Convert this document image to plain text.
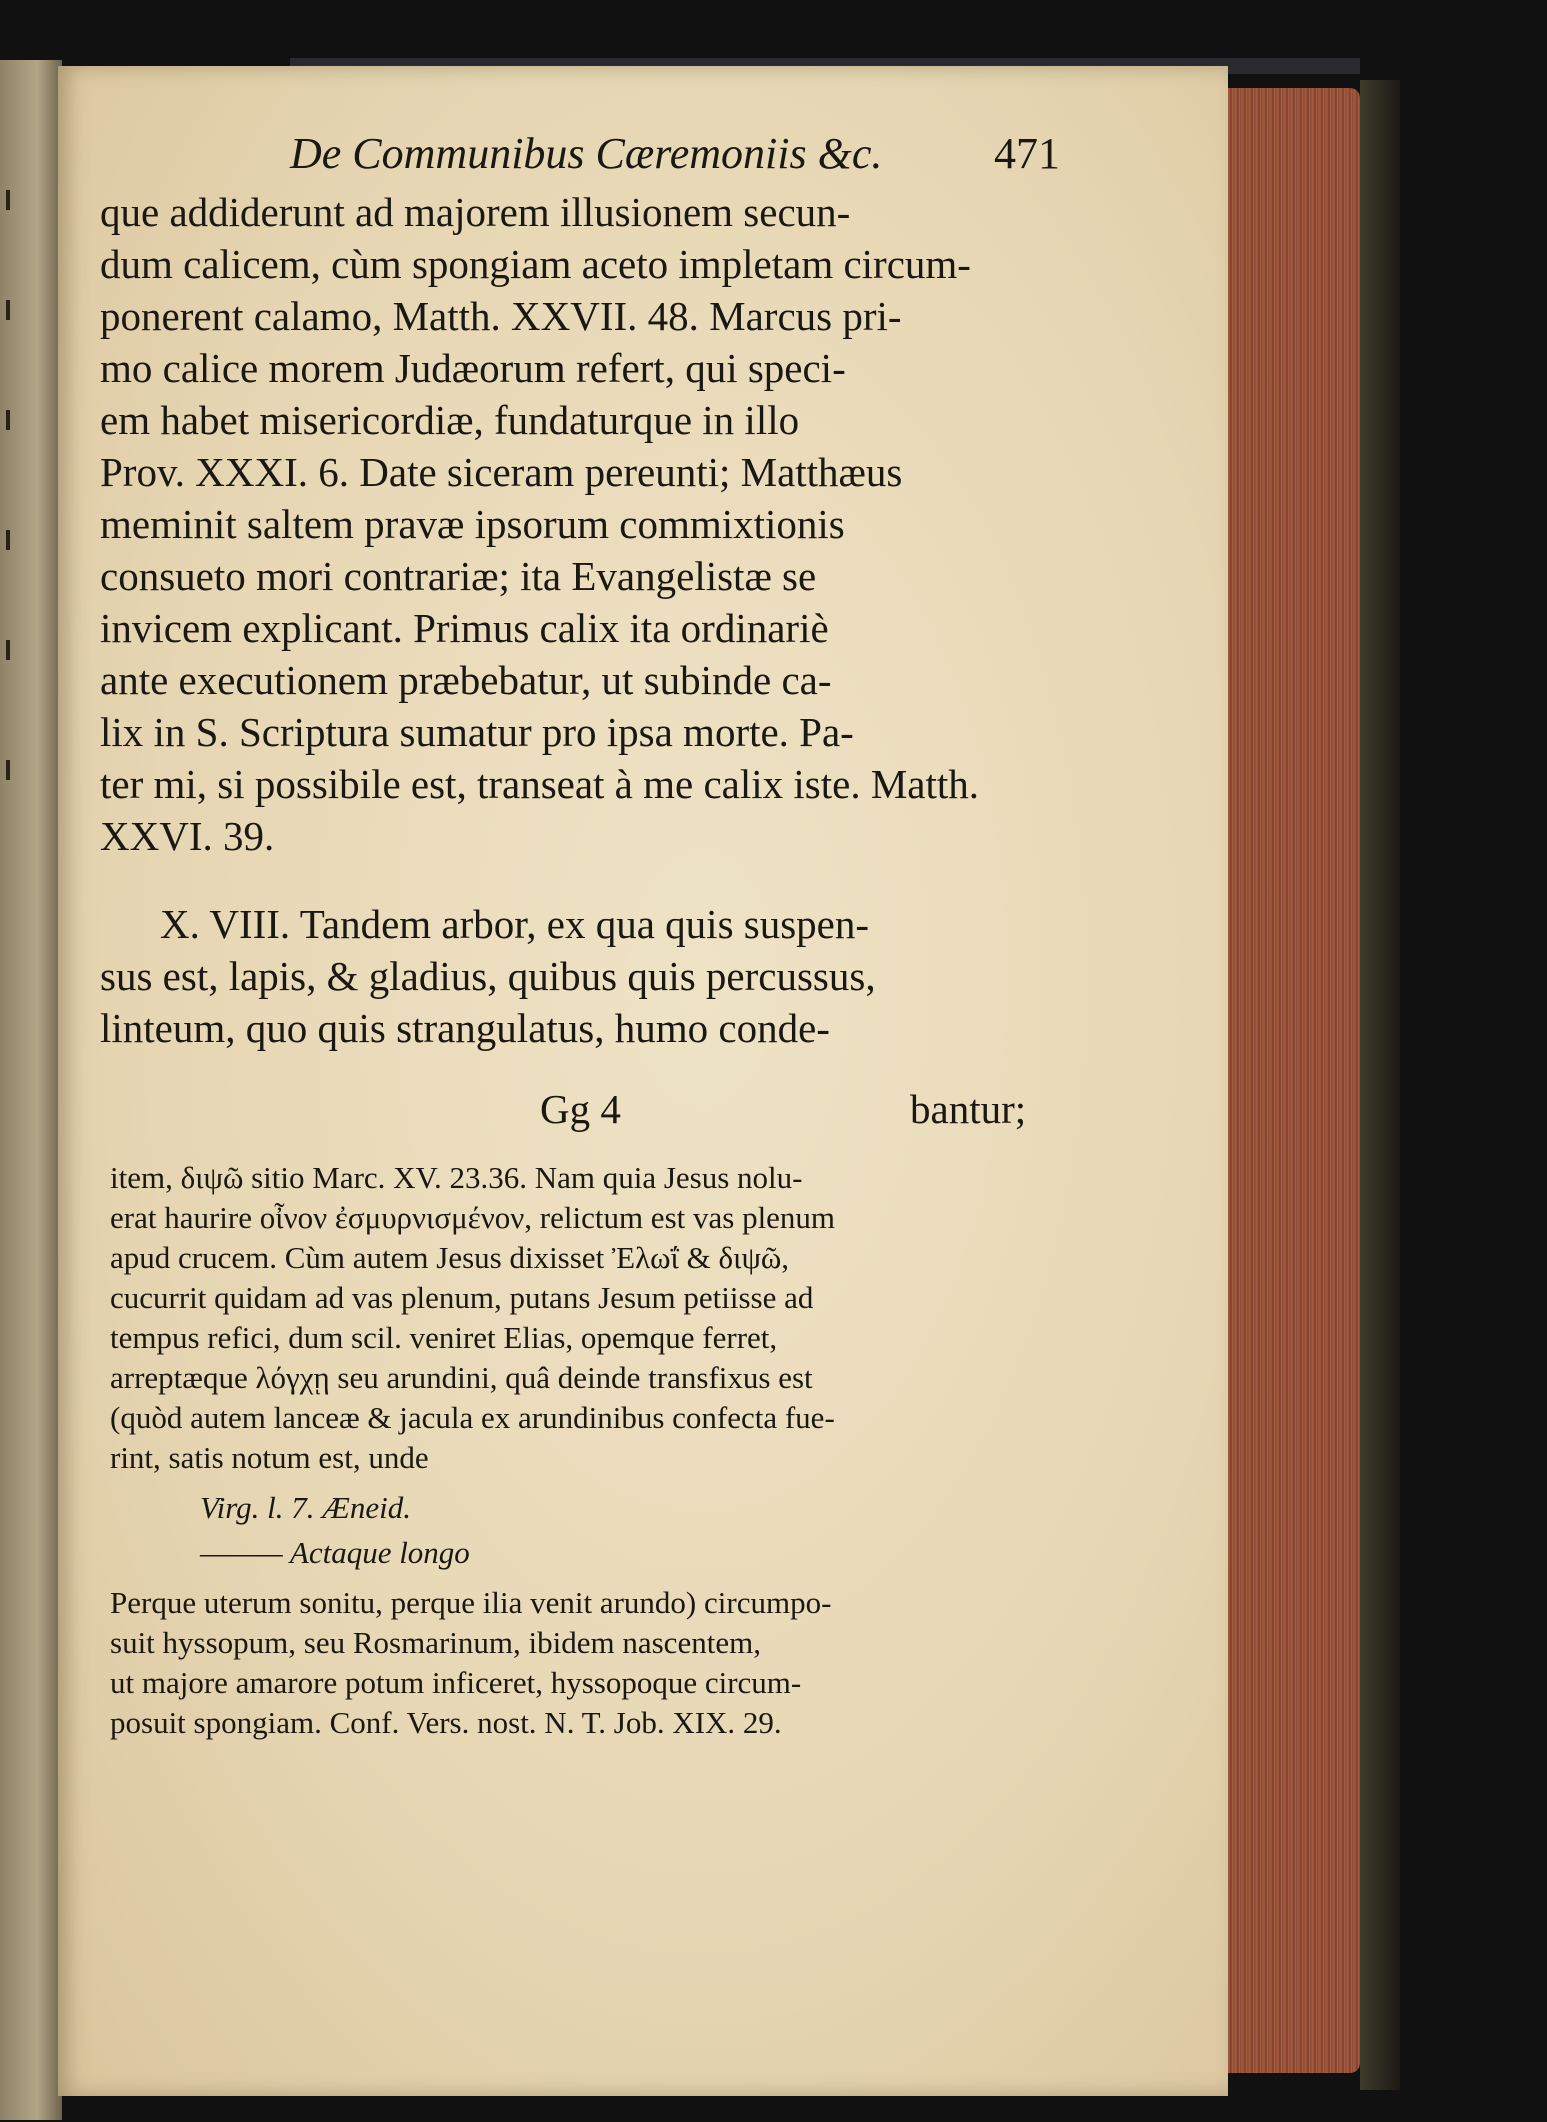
De Communibus Cæremoniis &c.	471
que addiderunt ad majorem illusionem secun-
dum calicem, cùm spongiam aceto impletam circum-
ponerent calamo, Matth. XXVII. 48. Marcus pri-
mo calice morem Judæorum refert, qui speci-
em habet misericordiæ, fundaturque in illo
Prov. XXXI. 6. Date siceram pereunti; Matthæus
meminit saltem pravæ ipsorum commixtionis
consueto mori contrariæ; ita Evangelistæ se
invicem explicant. Primus calix ita ordinariè
ante executionem præbebatur, ut subinde ca-
lix in S. Scriptura sumatur pro ipsa morte. Pa-
ter mi, si possibile est, transeat à me calix iste. Matth.
XXVI. 39.
X. VIII. Tandem arbor, ex qua quis suspen-
sus est, lapis, & gladius, quibus quis percussus,
linteum, quo quis strangulatus, humo conde-
Gg 4	bantur;
item, διψῶ sitio Marc. XV. 23.36. Nam quia Jesus nolu-
erat haurire οἶνον ἐσμυρνισμένον, relictum est vas plenum
apud crucem. Cùm autem Jesus dixisset Ἐλωΐ & διψῶ,
cucurrit quidam ad vas plenum, putans Jesum petiisse ad
tempus refici, dum scil. veniret Elias, opemque ferret,
arreptæque λόγχῃ seu arundini, quâ deinde transfixus est
(quòd autem lanceæ & jacula ex arundinibus confecta fue-
rint, satis notum est, unde
Virg. l. 7. Æneid.
——— Actaque longo
Perque uterum sonitu, perque ilia venit arundo) circumpo-
suit hyssopum, seu Rosmarinum, ibidem nascentem,
ut majore amarore potum inficeret, hyssopoque circum-
posuit spongiam. Conf. Vers. nost. N. T. Job. XIX. 29.
